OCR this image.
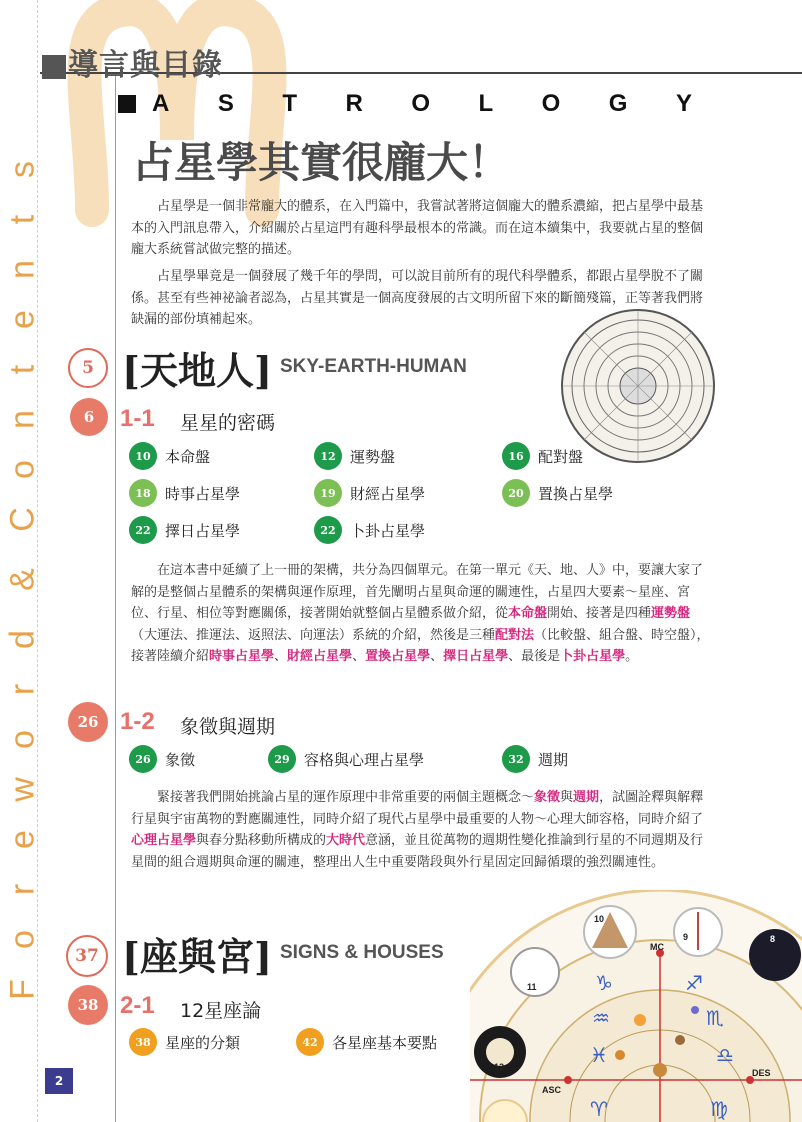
s
t
n
e
t
n
o
C
&
d
r
o
w
e
r
o
F
導言與目錄
A S T R O L O G Y
占星學其實很龐大！

占星學是一個非常龐大的體系，在入門篇中，我嘗試著將這個龐大的體系濃縮，把占星學中最基本的入門訊息帶入，介紹關於占星這門有趣科學最根本的常識。而在這本續集中，我要就占星的整個龐大系統嘗試做完整的描述。

占星學畢竟是一個發展了幾千年的學問，可以說目前所有的現代科學體系，都跟占星學脫不了關係。甚至有些神祕論者認為，占星其實是一個高度發展的古文明所留下來的斷簡殘篇，正等著我們將缺漏的部份填補起來。

5 [天地人] SKY-EARTH-HUMAN
6	1-1 星星的密碼
10 本命盤	12 運勢盤	16 配對盤
18 時事占星學	19 財經占星學	20 置換占星學
22 擇日占星學	22 卜卦占星學

在這本書中延續了上一冊的架構，共分為四個單元。在第一單元《天、地、人》中，要讓大家了解的是整個占星體系的架構與運作原理，首先闡明占星與命運的關連性，占星四大要素～星座、宮位、行星、相位等對應關係，接著開始就整個占星體系做介紹，從本命盤開始、接著是四種運勢盤（大運法、推運法、返照法、向運法）系統的介紹，然後是三種配對法（比較盤、組合盤、時空盤），接著陸續介紹時事占星學、財經占星學、置換占星學、擇日占星學、最後是卜卦占星學。

26 1-2 象徵與週期
26 象徵	29 容格與心理占星學	32 週期

緊接著我們開始挑論占星的運作原理中非常重要的兩個主題概念～象徵與週期，試圖詮釋與解釋行星與宇宙萬物的對應關連性，同時介紹了現代占星學中最重要的人物～心理大師容格，同時介紹了心理占星學與春分點移動所構成的大時代意涵，並且從萬物的週期性變化推論到行星的不同週期及行星間的組合週期與命運的關連，整理出人生中重要階段與外行星固定回歸循環的強烈關連性。

37 [座與宮] SIGNS & HOUSES
38 2-1 12星座論
38 星座的分類	42 各星座基本要點
MC
ASC
DES
10
9	8
11
12
♑	♐
♒	♏
♓	♎
♈	♍
2
